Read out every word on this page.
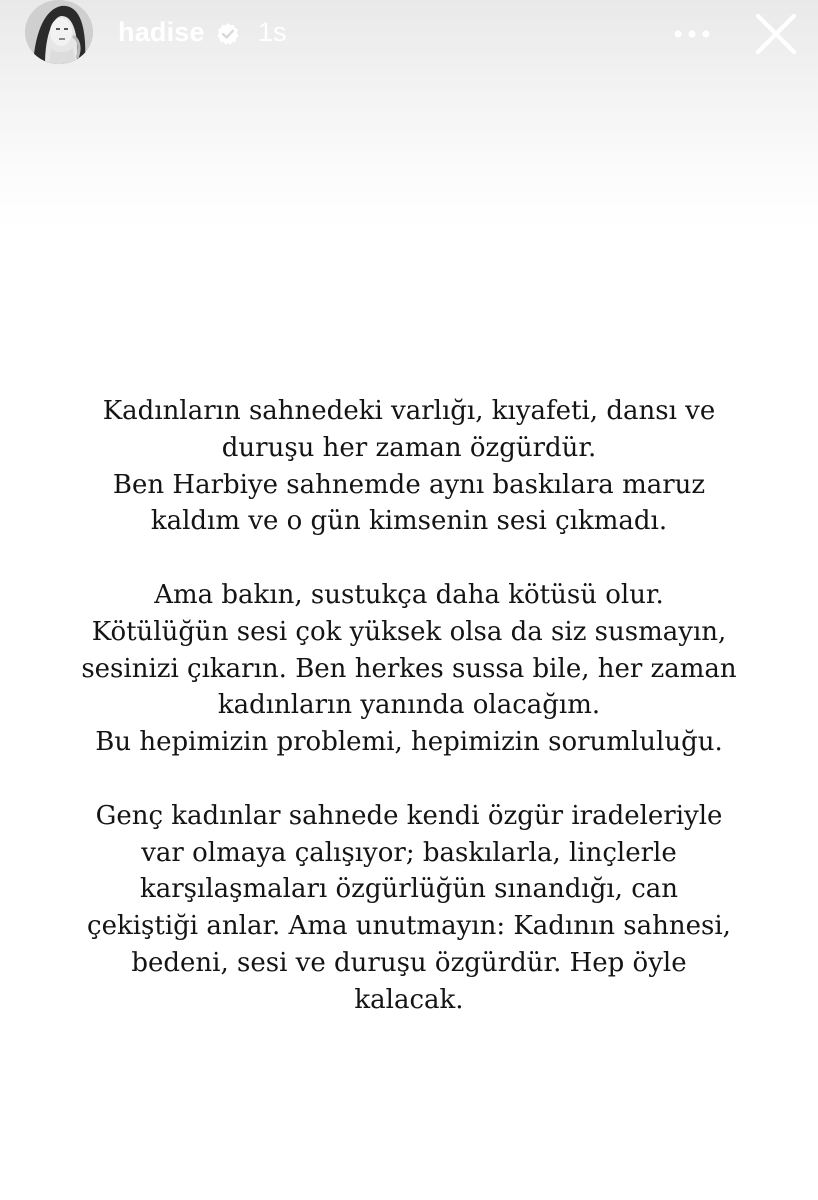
hadise 1s

Kadınların sahnedeki varlığı, kıyafeti, dansı ve
duruşu her zaman özgürdür.
Ben Harbiye sahnemde aynı baskılara maruz
kaldım ve o gün kimsenin sesi çıkmadı.

Ama bakın, sustukça daha kötüsü olur.
Kötülüğün sesi çok yüksek olsa da siz susmayın,
sesinizi çıkarın. Ben herkes sussa bile, her zaman
kadınların yanında olacağım.
Bu hepimizin problemi, hepimizin sorumluluğu.

Genç kadınlar sahnede kendi özgür iradeleriyle
var olmaya çalışıyor; baskılarla, linçlerle
karşılaşmaları özgürlüğün sınandığı, can
çekiştiği anlar. Ama unutmayın: Kadının sahnesi,
bedeni, sesi ve duruşu özgürdür. Hep öyle
kalacak.
